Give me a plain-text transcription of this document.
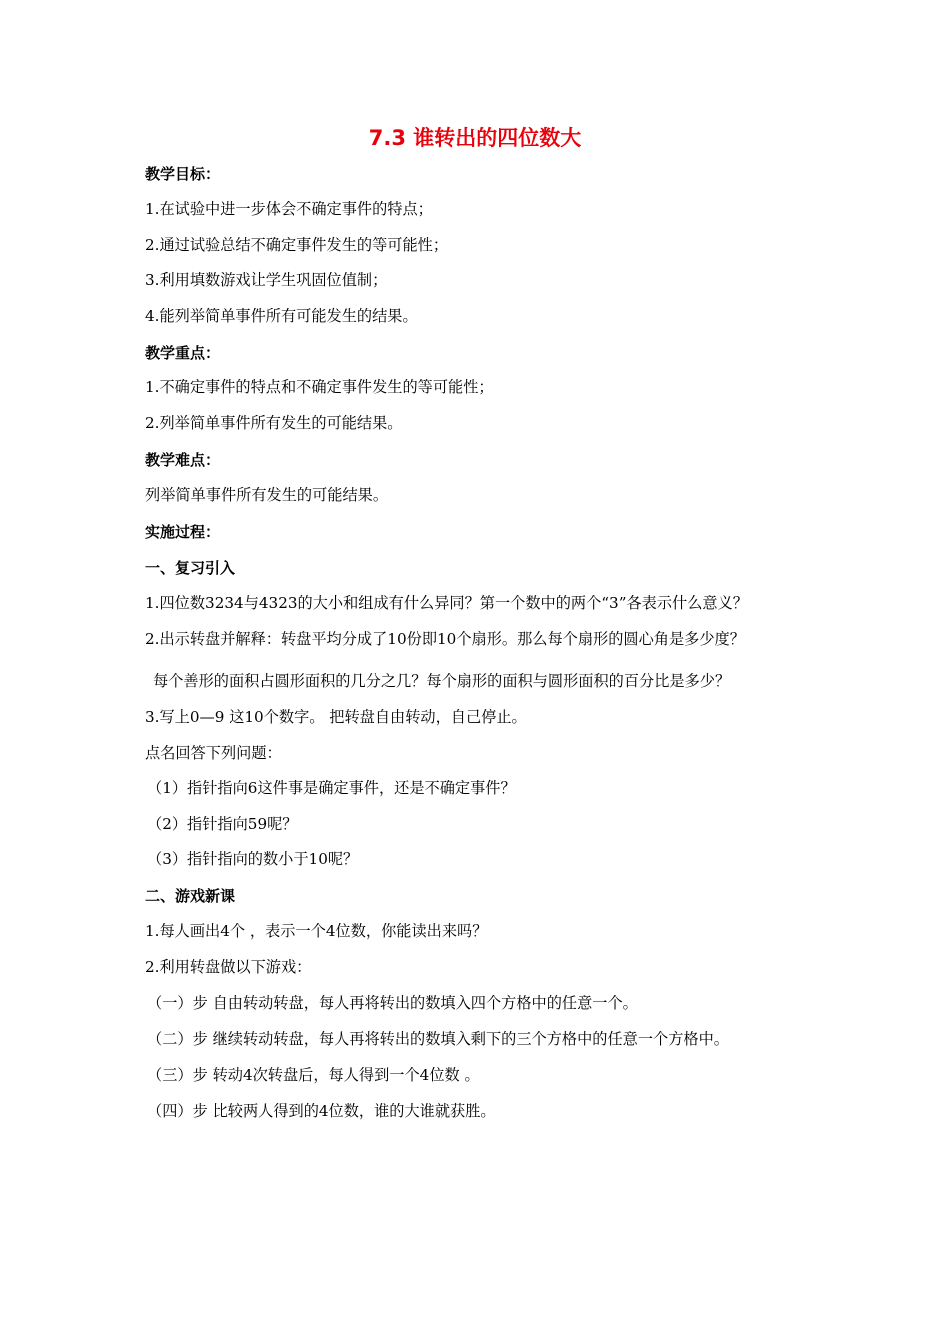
7.3 谁转出的四位数大
教学目标：
1.在试验中进一步体会不确定事件的特点；
2.通过试验总结不确定事件发生的等可能性；
3.利用填数游戏让学生巩固位值制；
4.能列举简单事件所有可能发生的结果。
教学重点：
1.不确定事件的特点和不确定事件发生的等可能性；
2.列举简单事件所有发生的可能结果。
教学难点：
列举简单事件所有发生的可能结果。
实施过程：
一、复习引入
1.四位数3234与4323的大小和组成有什么异同？第一个数中的两个“3”各表示什么意义？
2.出示转盘并解释：转盘平均分成了10份即10个扇形。那么每个扇形的圆心角是多少度？
每个善形的面积占圆形面积的几分之几？每个扇形的面积与圆形面积的百分比是多少？
3.写上0—9 这10个数字。 把转盘自由转动，自己停止。
点名回答下列问题：
（1）指针指向6这件事是确定事件，还是不确定事件？
（2）指针指向59呢？
（3）指针指向的数小于10呢？
二、游戏新课
1.每人画出4个 ，表示一个4位数，你能读出来吗？
2.利用转盘做以下游戏：
（一）步 自由转动转盘，每人再将转出的数填入四个方格中的任意一个。
（二）步 继续转动转盘，每人再将转出的数填入剩下的三个方格中的任意一个方格中。
（三）步 转动4次转盘后，每人得到一个4位数 。
（四）步 比较两人得到的4位数，谁的大谁就获胜。
